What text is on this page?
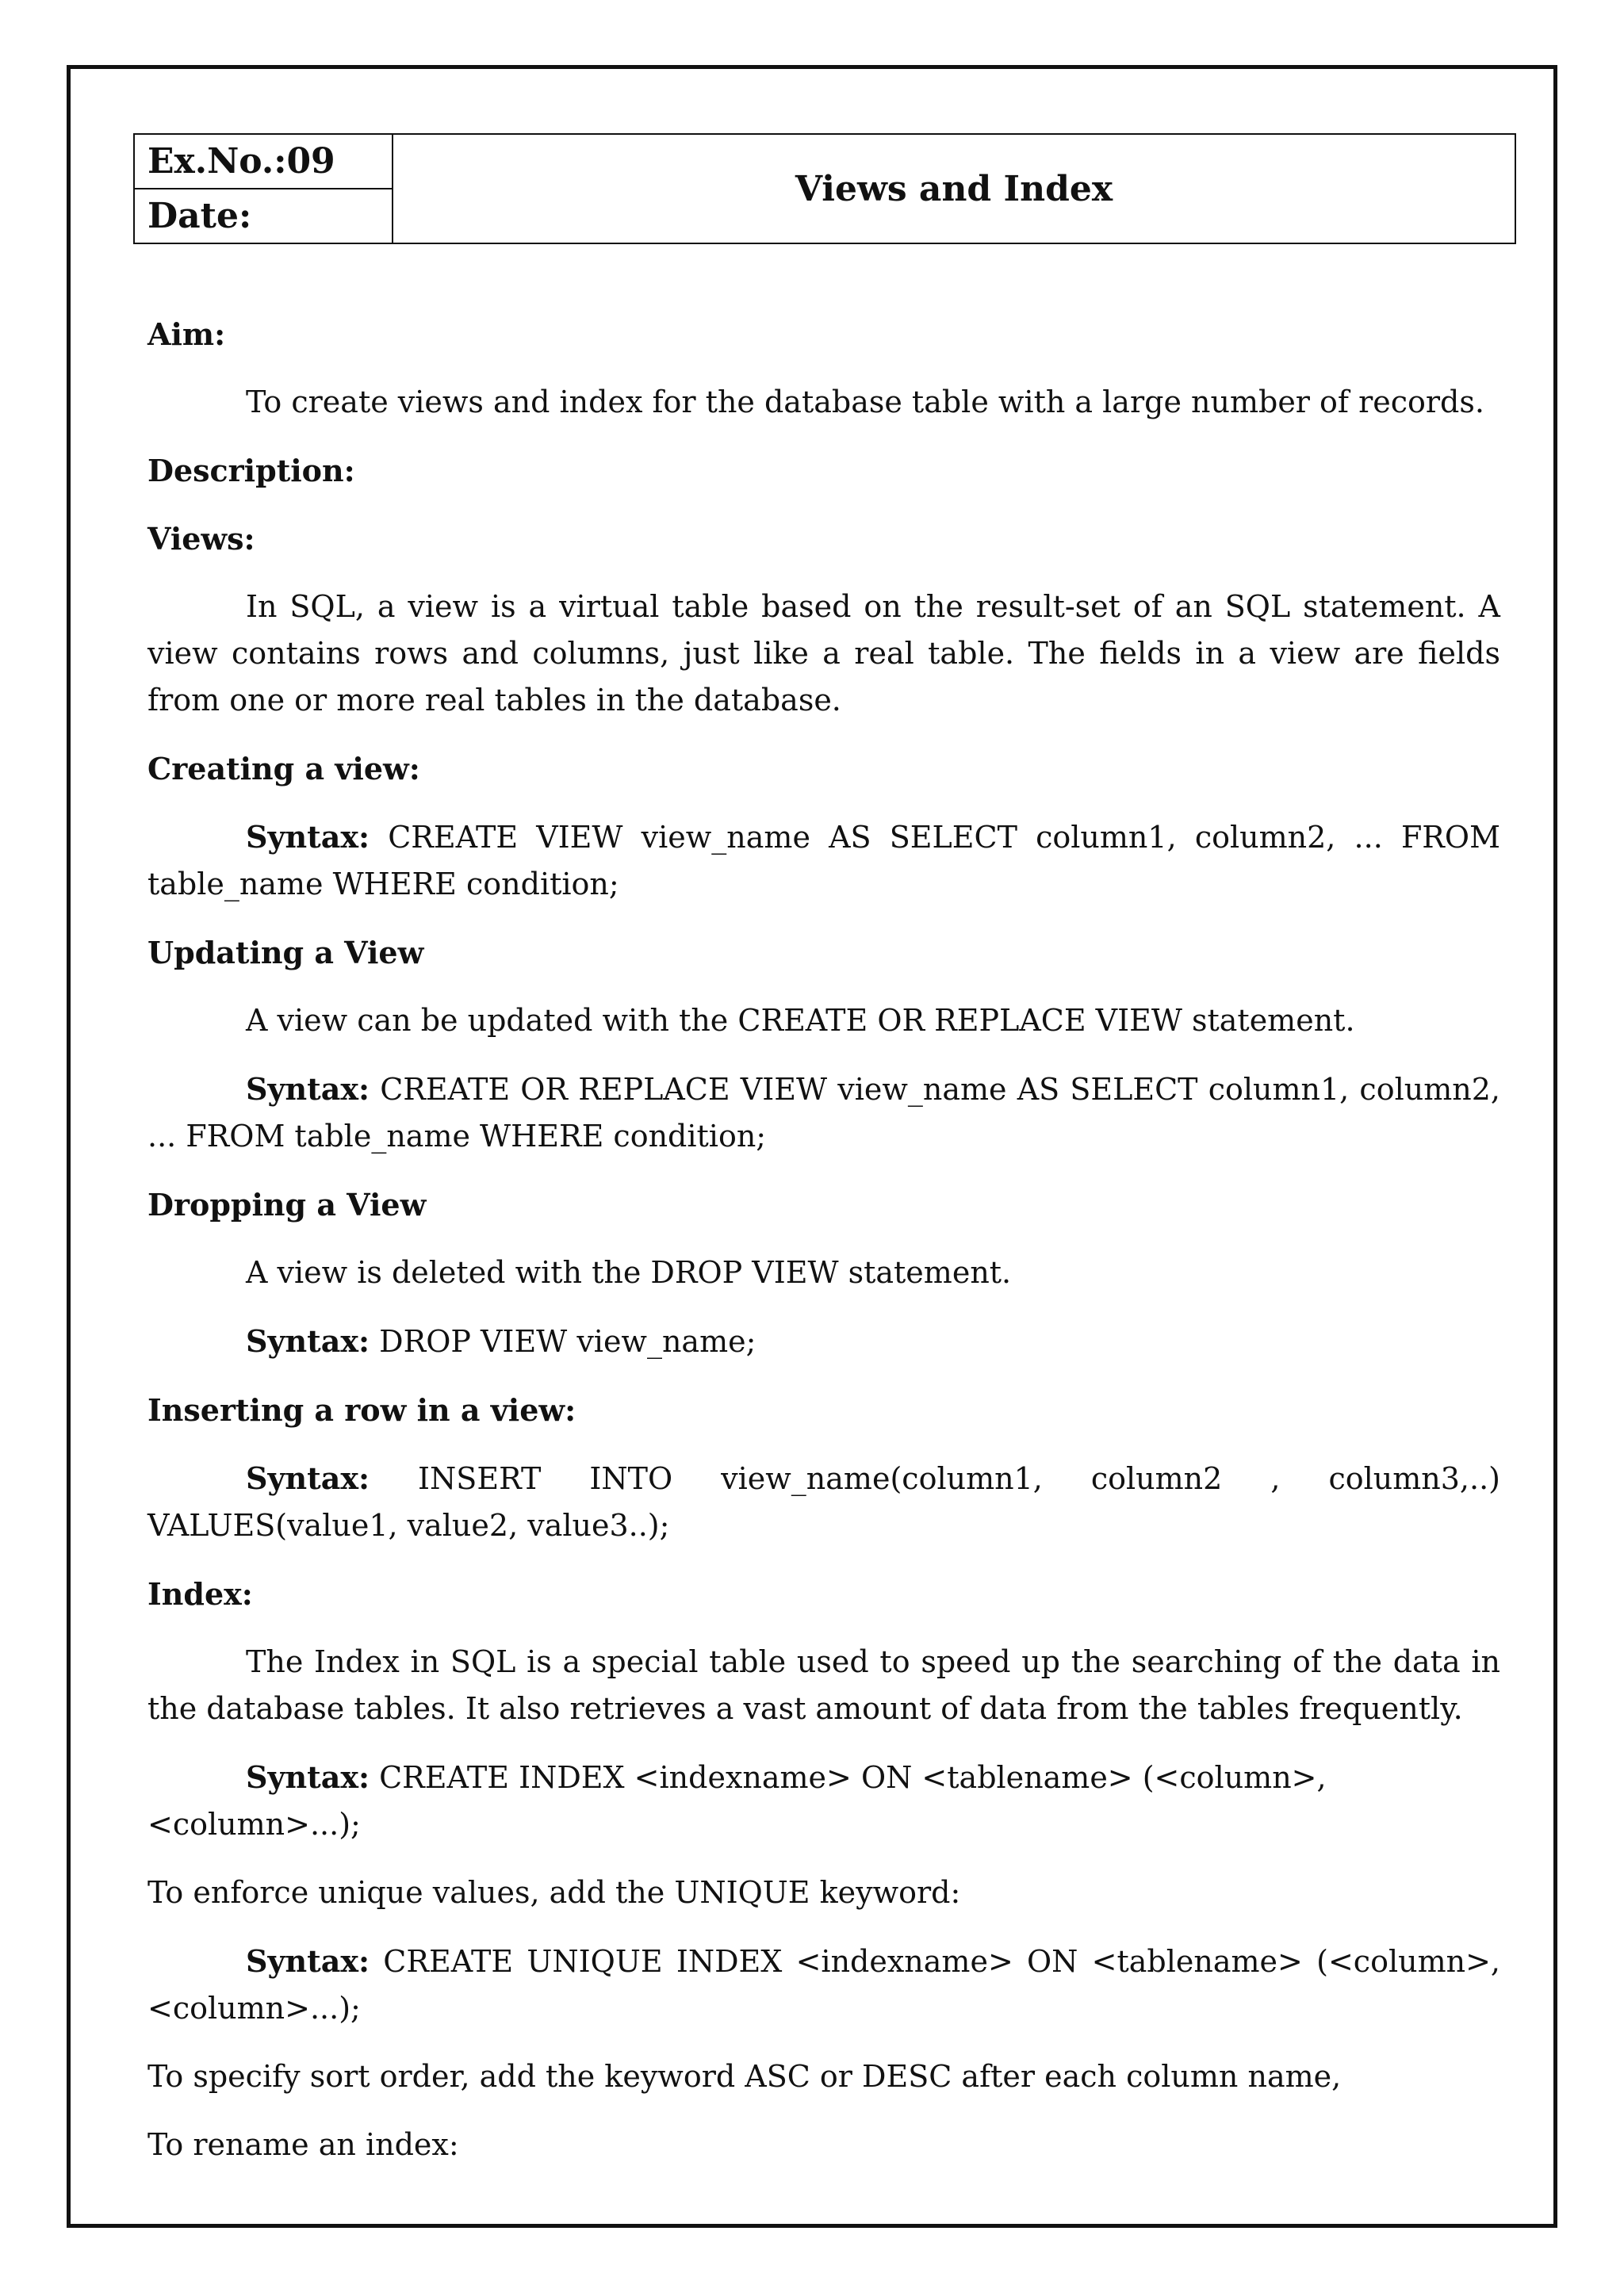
Ex.No.:09	Views and Index
Date:

Aim:

To create views and index for the database table with a large number of records.

Description:

Views:

In SQL, a view is a virtual table based on the result-set of an SQL statement. A view contains rows and columns, just like a real table. The fields in a view are fields from one or more real tables in the database.

Creating a view:

Syntax: CREATE VIEW view_name AS SELECT column1, column2, ... FROM table_name WHERE condition;

Updating a View

A view can be updated with the CREATE OR REPLACE VIEW statement.

Syntax: CREATE OR REPLACE VIEW view_name AS SELECT column1, column2, ... FROM table_name WHERE condition;

Dropping a View

A view is deleted with the DROP VIEW statement.

Syntax: DROP VIEW view_name;

Inserting a row in a view:

Syntax: INSERT INTO view_name(column1, column2 , column3,..) VALUES(value1, value2, value3..);

Index:

The Index in SQL is a special table used to speed up the searching of the data in the database tables. It also retrieves a vast amount of data from the tables frequently.

Syntax: CREATE INDEX <indexname> ON <tablename> (<column>, <column>...);

To enforce unique values, add the UNIQUE keyword:

Syntax: CREATE UNIQUE INDEX <indexname> ON <tablename> (<column>, <column>...);

To specify sort order, add the keyword ASC or DESC after each column name,

To rename an index:
